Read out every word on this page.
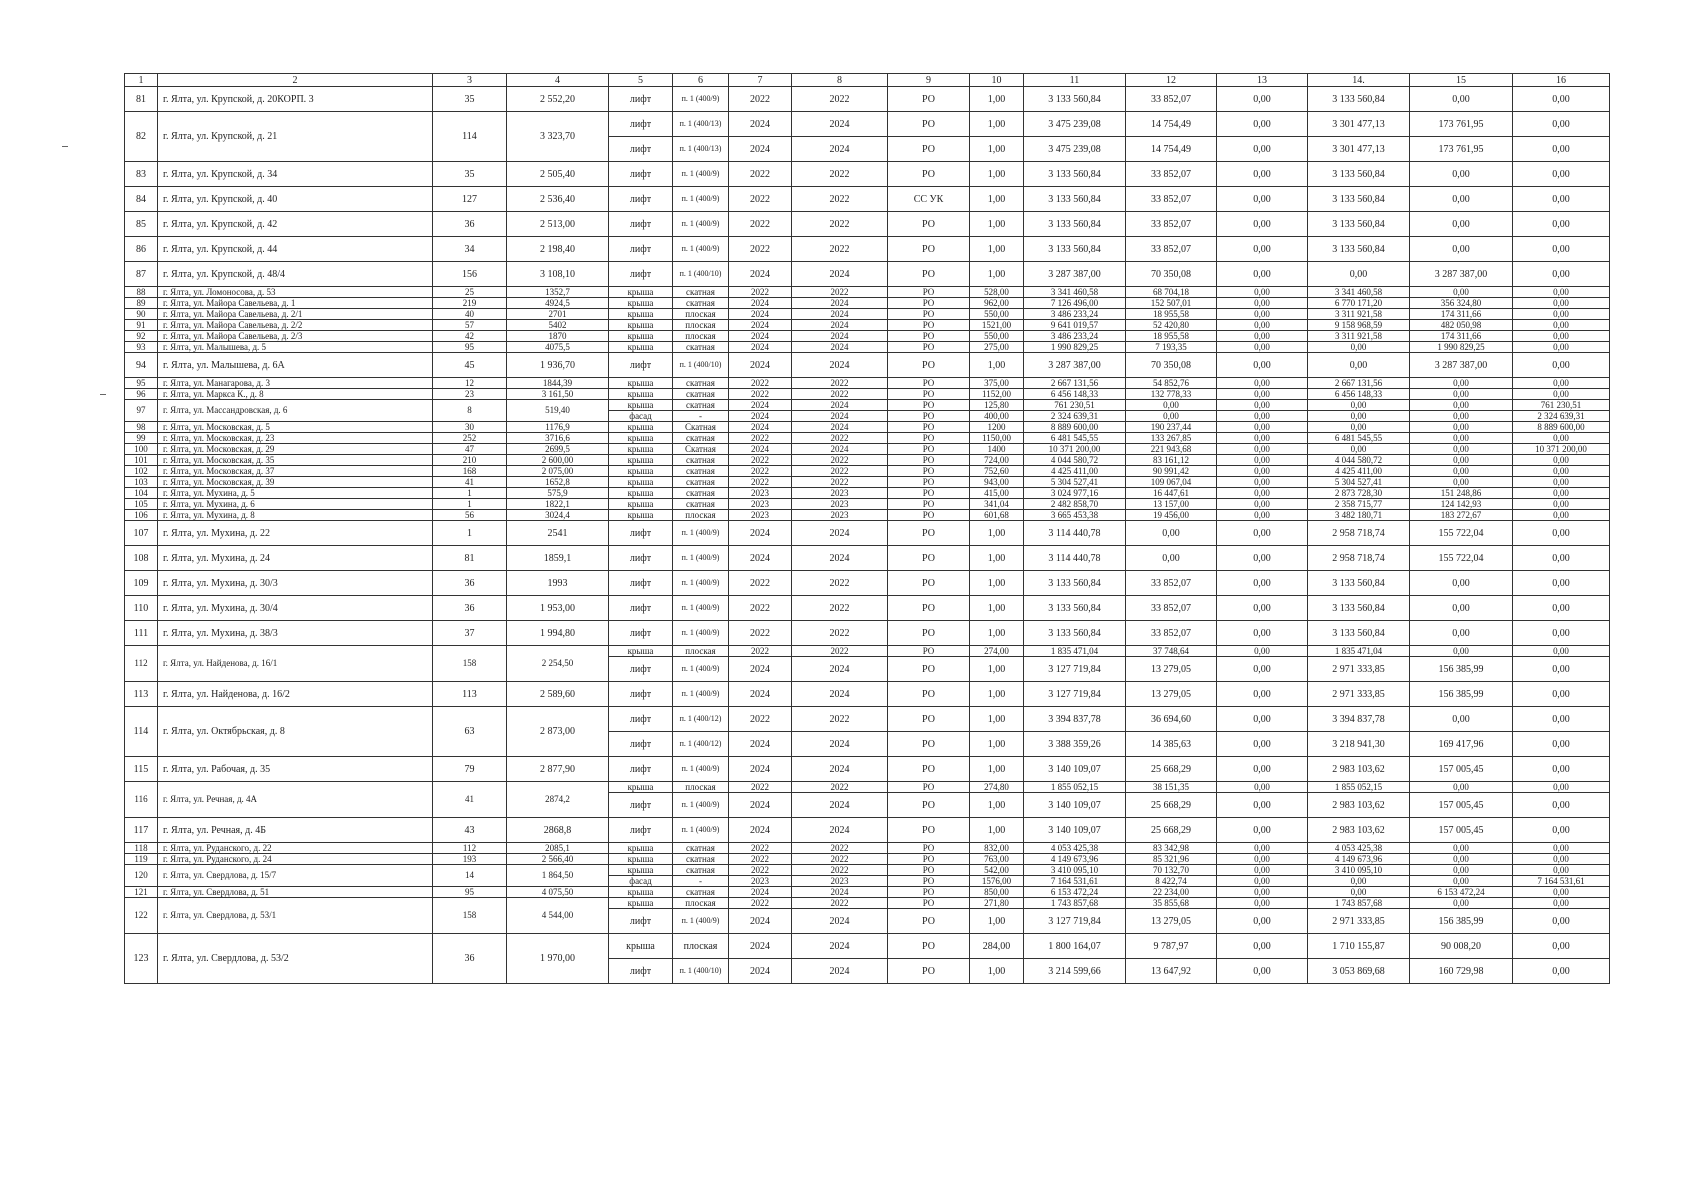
1	2	3	4	5	6	7	8	9	10	11	12	13	14.	15	16
81	г. Ялта, ул. Крупской, д. 20КОРП. 3	35	2 552,20	лифт	п. 1 (400/9)	2022	2022	РО	1,00	3 133 560,84	33 852,07	0,00	3 133 560,84	0,00	0,00
82	г. Ялта, ул. Крупской, д. 21	114	3 323,70	лифт	п. 1 (400/13)	2024	2024	РО	1,00	3 475 239,08	14 754,49	0,00	3 301 477,13	173 761,95	0,00
				лифт	п. 1 (400/13)	2024	2024	РО	1,00	3 475 239,08	14 754,49	0,00	3 301 477,13	173 761,95	0,00
83	г. Ялта, ул. Крупской, д. 34	35	2 505,40	лифт	п. 1 (400/9)	2022	2022	РО	1,00	3 133 560,84	33 852,07	0,00	3 133 560,84	0,00	0,00
84	г. Ялта, ул. Крупской, д. 40	127	2 536,40	лифт	п. 1 (400/9)	2022	2022	СС УК	1,00	3 133 560,84	33 852,07	0,00	3 133 560,84	0,00	0,00
85	г. Ялта, ул. Крупской, д. 42	36	2 513,00	лифт	п. 1 (400/9)	2022	2022	РО	1,00	3 133 560,84	33 852,07	0,00	3 133 560,84	0,00	0,00
86	г. Ялта, ул. Крупской, д. 44	34	2 198,40	лифт	п. 1 (400/9)	2022	2022	РО	1,00	3 133 560,84	33 852,07	0,00	3 133 560,84	0,00	0,00
87	г. Ялта, ул. Крупской, д. 48/4	156	3 108,10	лифт	п. 1 (400/10)	2024	2024	РО	1,00	3 287 387,00	70 350,08	0,00	0,00	3 287 387,00	0,00
88	г. Ялта, ул. Ломоносова, д. 53	25	1352,7	крыша	скатная	2022	2022	РО	528,00	3 341 460,58	68 704,18	0,00	3 341 460,58	0,00	0,00
89	г. Ялта, ул. Майора Савельева, д. 1	219	4924,5	крыша	скатная	2024	2024	РО	962,00	7 126 496,00	152 507,01	0,00	6 770 171,20	356 324,80	0,00
90	г. Ялта, ул. Майора Савельева, д. 2/1	40	2701	крыша	плоская	2024	2024	РО	550,00	3 486 233,24	18 955,58	0,00	3 311 921,58	174 311,66	0,00
91	г. Ялта, ул. Майора Савельева, д. 2/2	57	5402	крыша	плоская	2024	2024	РО	1521,00	9 641 019,57	52 420,80	0,00	9 158 968,59	482 050,98	0,00
92	г. Ялта, ул. Майора Савельева, д. 2/3	42	1870	крыша	плоская	2024	2024	РО	550,00	3 486 233,24	18 955,58	0,00	3 311 921,58	174 311,66	0,00
93	г. Ялта, ул. Малышева, д. 5	95	4075,5	крыша	скатная	2024	2024	РО	275,00	1 990 829,25	7 193,35	0,00	0,00	1 990 829,25	0,00
94	г. Ялта, ул. Малышева, д. 6А	45	1 936,70	лифт	п. 1 (400/10)	2024	2024	РО	1,00	3 287 387,00	70 350,08	0,00	0,00	3 287 387,00	0,00
95	г. Ялта, ул. Манагарова, д. 3	12	1844,39	крыша	скатная	2022	2022	РО	375,00	2 667 131,56	54 852,76	0,00	2 667 131,56	0,00	0,00
96	г. Ялта, ул. Маркса К., д. 8	23	3 161,50	крыша	скатная	2022	2022	РО	1152,00	6 456 148,33	132 778,33	0,00	6 456 148,33	0,00	0,00
97	г. Ялта, ул. Массандровская, д. 6	8	519,40	крыша	скатная	2024	2024	РО	125,80	761 230,51	0,00	0,00	0,00	0,00	761 230,51
				фасад	-	2024	2024	РО	400,00	2 324 639,31	0,00	0,00	0,00	0,00	2 324 639,31
98	г. Ялта, ул. Московская, д. 5	30	1176,9	крыша	Скатная	2024	2024	РО	1200	8 889 600,00	190 237,44	0,00	0,00	0,00	8 889 600,00
99	г. Ялта, ул. Московская, д. 23	252	3716,6	крыша	скатная	2022	2022	РО	1150,00	6 481 545,55	133 267,85	0,00	6 481 545,55	0,00	0,00
100	г. Ялта, ул. Московская, д. 29	47	2699,5	крыша	Скатная	2024	2024	РО	1400	10 371 200,00	221 943,68	0,00	0,00	0,00	10 371 200,00
101	г. Ялта, ул. Московская, д. 35	210	2 600,00	крыша	скатная	2022	2022	РО	724,00	4 044 580,72	83 161,12	0,00	4 044 580,72	0,00	0,00
102	г. Ялта, ул. Московская, д. 37	168	2 075,00	крыша	скатная	2022	2022	РО	752,60	4 425 411,00	90 991,42	0,00	4 425 411,00	0,00	0,00
103	г. Ялта, ул. Московская, д. 39	41	1652,8	крыша	скатная	2022	2022	РО	943,00	5 304 527,41	109 067,04	0,00	5 304 527,41	0,00	0,00
104	г. Ялта, ул. Мухина, д. 5	1	575,9	крыша	скатная	2023	2023	РО	415,00	3 024 977,16	16 447,61	0,00	2 873 728,30	151 248,86	0,00
105	г. Ялта, ул. Мухина, д. 6	1	1822,1	крыша	скатная	2023	2023	РО	341,04	2 482 858,70	13 157,00	0,00	2 358 715,77	124 142,93	0,00
106	г. Ялта, ул. Мухина, д. 8	56	3024,4	крыша	плоская	2023	2023	РО	601,68	3 665 453,38	19 456,00	0,00	3 482 180,71	183 272,67	0,00
107	г. Ялта, ул. Мухина, д. 22	1	2541	лифт	п. 1 (400/9)	2024	2024	РО	1,00	3 114 440,78	0,00	0,00	2 958 718,74	155 722,04	0,00
108	г. Ялта, ул. Мухина, д. 24	81	1859,1	лифт	п. 1 (400/9)	2024	2024	РО	1,00	3 114 440,78	0,00	0,00	2 958 718,74	155 722,04	0,00
109	г. Ялта, ул. Мухина, д. 30/3	36	1993	лифт	п. 1 (400/9)	2022	2022	РО	1,00	3 133 560,84	33 852,07	0,00	3 133 560,84	0,00	0,00
110	г. Ялта, ул. Мухина, д. 30/4	36	1 953,00	лифт	п. 1 (400/9)	2022	2022	РО	1,00	3 133 560,84	33 852,07	0,00	3 133 560,84	0,00	0,00
111	г. Ялта, ул. Мухина, д. 38/3	37	1 994,80	лифт	п. 1 (400/9)	2022	2022	РО	1,00	3 133 560,84	33 852,07	0,00	3 133 560,84	0,00	0,00
112	г. Ялта, ул. Найденова, д. 16/1	158	2 254,50	крыша	плоская	2022	2022	РО	274,00	1 835 471,04	37 748,64	0,00	1 835 471,04	0,00	0,00
				лифт	п. 1 (400/9)	2024	2024	РО	1,00	3 127 719,84	13 279,05	0,00	2 971 333,85	156 385,99	0,00
113	г. Ялта, ул. Найденова, д. 16/2	113	2 589,60	лифт	п. 1 (400/9)	2024	2024	РО	1,00	3 127 719,84	13 279,05	0,00	2 971 333,85	156 385,99	0,00
114	г. Ялта, ул. Октябрьская, д. 8	63	2 873,00	лифт	п. 1 (400/12)	2022	2022	РО	1,00	3 394 837,78	36 694,60	0,00	3 394 837,78	0,00	0,00
				лифт	п. 1 (400/12)	2024	2024	РО	1,00	3 388 359,26	14 385,63	0,00	3 218 941,30	169 417,96	0,00
115	г. Ялта, ул. Рабочая, д. 35	79	2 877,90	лифт	п. 1 (400/9)	2024	2024	РО	1,00	3 140 109,07	25 668,29	0,00	2 983 103,62	157 005,45	0,00
116	г. Ялта, ул. Речная, д. 4А	41	2874,2	крыша	плоская	2022	2022	РО	274,80	1 855 052,15	38 151,35	0,00	1 855 052,15	0,00	0,00
				лифт	п. 1 (400/9)	2024	2024	РО	1,00	3 140 109,07	25 668,29	0,00	2 983 103,62	157 005,45	0,00
117	г. Ялта, ул. Речная, д. 4Б	43	2868,8	лифт	п. 1 (400/9)	2024	2024	РО	1,00	3 140 109,07	25 668,29	0,00	2 983 103,62	157 005,45	0,00
118	г. Ялта, ул. Руданского, д. 22	112	2085,1	крыша	скатная	2022	2022	РО	832,00	4 053 425,38	83 342,98	0,00	4 053 425,38	0,00	0,00
119	г. Ялта, ул. Руданского, д. 24	193	2 566,40	крыша	скатная	2022	2022	РО	763,00	4 149 673,96	85 321,96	0,00	4 149 673,96	0,00	0,00
120	г. Ялта, ул. Свердлова, д. 15/7	14	1 864,50	крыша	скатная	2022	2022	РО	542,00	3 410 095,10	70 132,70	0,00	3 410 095,10	0,00	0,00
				фасад	-	2023	2023	РО	1576,00	7 164 531,61	8 422,74	0,00	0,00	0,00	7 164 531,61
121	г. Ялта, ул. Свердлова, д. 51	95	4 075,50	крыша	скатная	2024	2024	РО	850,00	6 153 472,24	22 234,00	0,00	0,00	6 153 472,24	0,00
122	г. Ялта, ул. Свердлова, д. 53/1	158	4 544,00	крыша	плоская	2022	2022	РО	271,80	1 743 857,68	35 855,68	0,00	1 743 857,68	0,00	0,00
				лифт	п. 1 (400/9)	2024	2024	РО	1,00	3 127 719,84	13 279,05	0,00	2 971 333,85	156 385,99	0,00
123	г. Ялта, ул. Свердлова, д. 53/2	36	1 970,00	крыша	плоская	2024	2024	РО	284,00	1 800 164,07	9 787,97	0,00	1 710 155,87	90 008,20	0,00
				лифт	п. 1 (400/10)	2024	2024	РО	1,00	3 214 599,66	13 647,92	0,00	3 053 869,68	160 729,98	0,00
